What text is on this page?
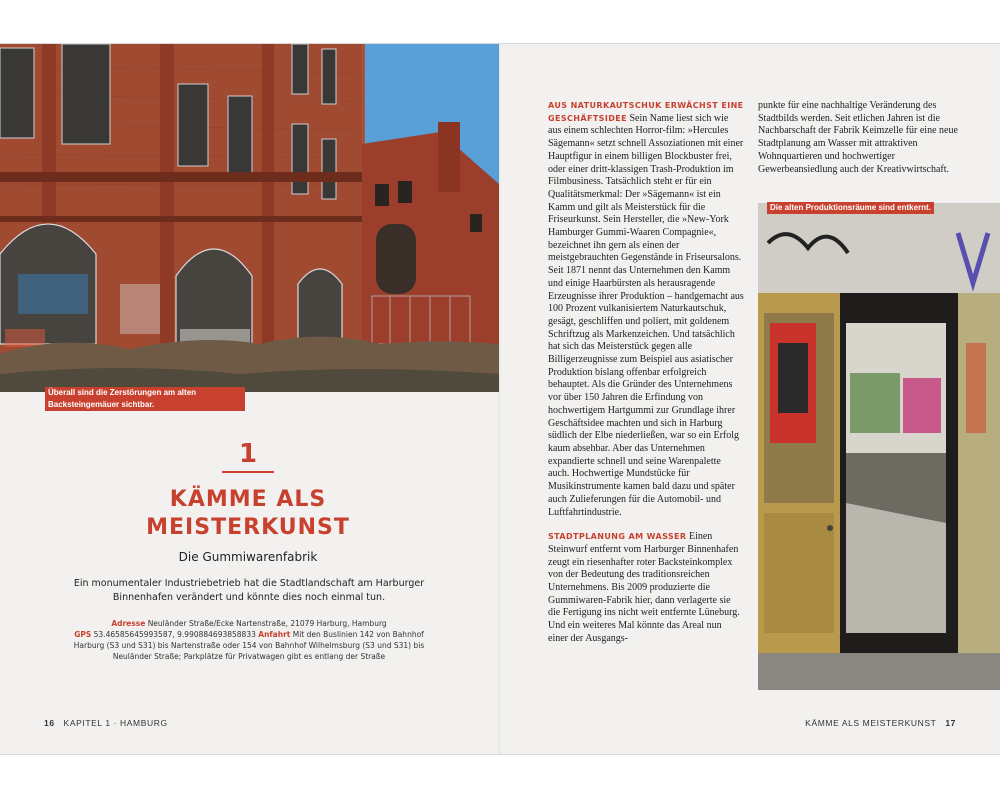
Überall sind die Zerstörungen am alten Backsteingemäuer sichtbar.
1
KÄMME ALS
MEISTERKUNST
Die Gummiwarenfabrik
Ein monumentaler Industriebetrieb hat die Stadtlandschaft am Harburger Binnenhafen verändert und könnte dies noch einmal tun.
Adresse Neuländer Straße/Ecke Nartenstraße, 21079 Harburg, Hamburg
GPS 53.46585645993587, 9.990884693858833 Anfahrt Mit den Buslinien 142 von Bahnhof Harburg (S3 und S31) bis Nartenstraße oder 154 von Bahnhof Wilhelmsburg (S3 und S31) bis Neuländer Straße; Parkplätze für Privatwagen gibt es entlang der Straße
16 KAPITEL 1 · HAMBURG

AUS NATURKAUTSCHUK ERWÄCHST EINE GESCHÄFTSIDEE Sein Name liest sich wie aus einem schlechten Horror-film: »Hercules Sägemann« setzt schnell Assoziationen mit einer Hauptfigur in einem billigen Blockbuster frei, oder einer dritt-klassigen Trash-Produktion im Filmbusiness. Tatsächlich steht er für ein Qualitätsmerkmal: Der »Sägemann« ist ein Kamm und gilt als Meisterstück für die Friseurkunst. Sein Hersteller, die »New-York Hamburger Gummi-Waaren Compagnie«, bezeichnet ihn gern als einen der meistgebrauchten Gegenstände in Friseursalons. Seit 1871 nennt das Unternehmen den Kamm und einige Haarbürsten als herausragende Erzeugnisse ihrer Produktion – handgemacht aus 100 Prozent vulkanisiertem Naturkautschuk, gesägt, geschliffen und poliert, mit goldenem Schriftzug als Markenzeichen. Und tatsächlich hat sich das Meisterstück gegen alle Billigerzeugnisse zum Beispiel aus asiatischer Produktion bislang offenbar erfolgreich behauptet. Als die Gründer des Unternehmens vor über 150 Jahren die Erfindung von hochwertigem Hartgummi zur Grundlage ihrer Geschäftsidee machten und sich in Harburg südlich der Elbe niederließen, war so ein Erfolg kaum absehbar. Aber das Unternehmen expandierte schnell und seine Warenpalette auch. Hochwertige Mundstücke für Musikinstrumente kamen bald dazu und später auch Zulieferungen für die Automobil- und Luftfahrtindustrie.

STADTPLANUNG AM WASSER Einen Steinwurf entfernt vom Harburger Binnenhafen zeugt ein riesenhafter roter Backsteinkomplex von der Bedeutung des traditionsreichen Unternehmens. Bis 2009 produzierte die Gummiwaren-Fabrik hier, dann verlagerte sie die Fertigung ins nicht weit entfernte Lüneburg. Und ein weiteres Mal könnte das Areal nun einer der Ausgangs-

punkte für eine nachhaltige Veränderung des Stadtbilds werden. Seit etlichen Jahren ist die Nachbarschaft der Fabrik Keimzelle für eine neue Stadtplanung am Wasser mit attraktiven Wohnquartieren und hochwertiger Gewerbeansiedlung auch der Kreativwirtschaft.

Die alten Produktionsräume sind entkernt.
KÄMME ALS MEISTERKUNST 17
